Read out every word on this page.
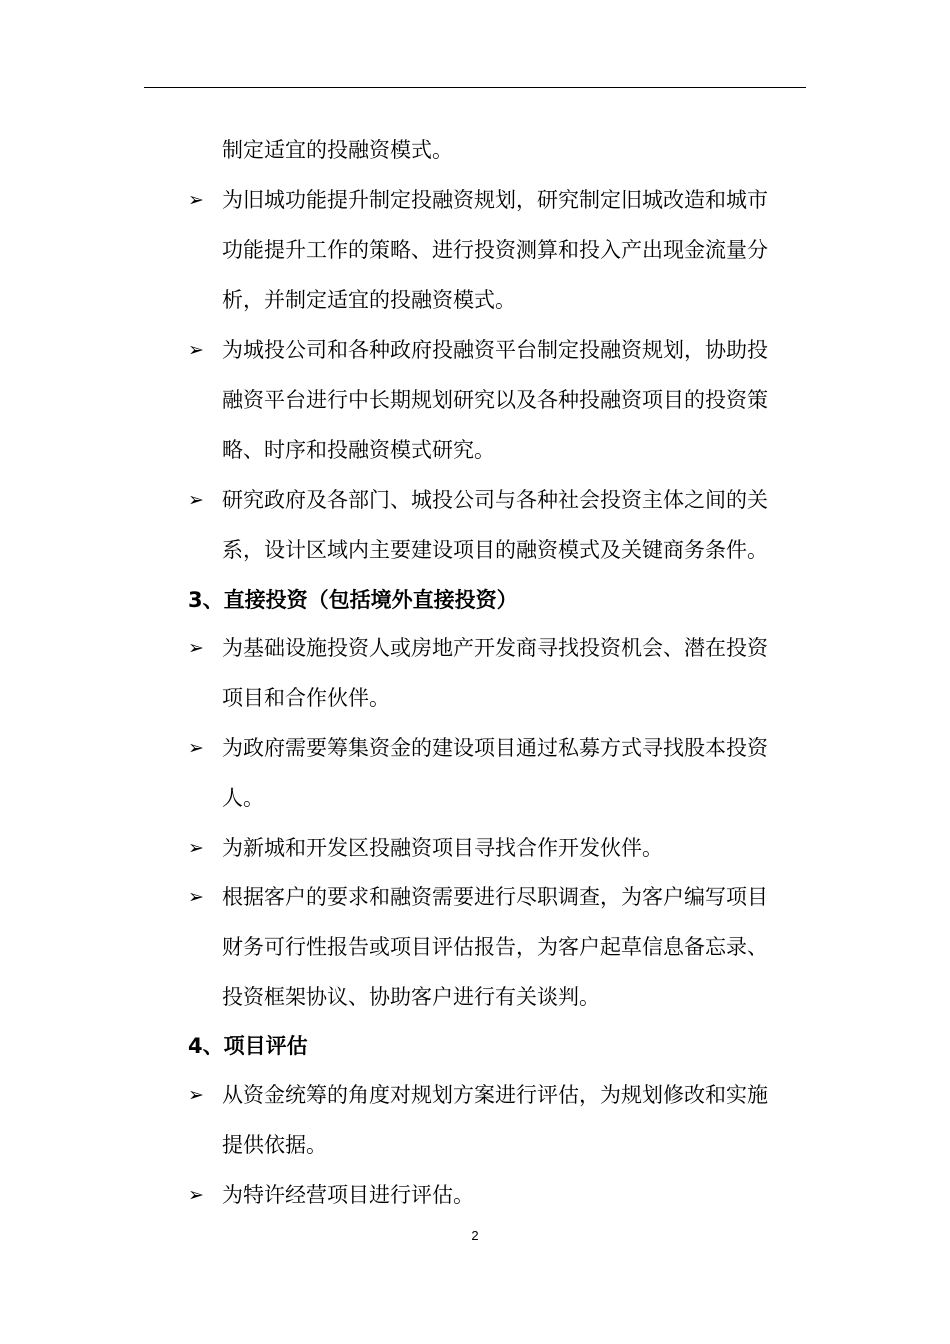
制定适宜的投融资模式。
➢ 为旧城功能提升制定投融资规划，研究制定旧城改造和城市
功能提升工作的策略、进行投资测算和投入产出现金流量分
析，并制定适宜的投融资模式。
➢ 为城投公司和各种政府投融资平台制定投融资规划，协助投
融资平台进行中长期规划研究以及各种投融资项目的投资策
略、时序和投融资模式研究。
➢ 研究政府及各部门、城投公司与各种社会投资主体之间的关
系，设计区域内主要建设项目的融资模式及关键商务条件。
3、直接投资（包括境外直接投资）
➢ 为基础设施投资人或房地产开发商寻找投资机会、潜在投资
项目和合作伙伴。
➢ 为政府需要筹集资金的建设项目通过私募方式寻找股本投资
人。
➢ 为新城和开发区投融资项目寻找合作开发伙伴。
➢ 根据客户的要求和融资需要进行尽职调查，为客户编写项目
财务可行性报告或项目评估报告，为客户起草信息备忘录、
投资框架协议、协助客户进行有关谈判。
4、项目评估
➢ 从资金统筹的角度对规划方案进行评估，为规划修改和实施
提供依据。
➢ 为特许经营项目进行评估。
2
